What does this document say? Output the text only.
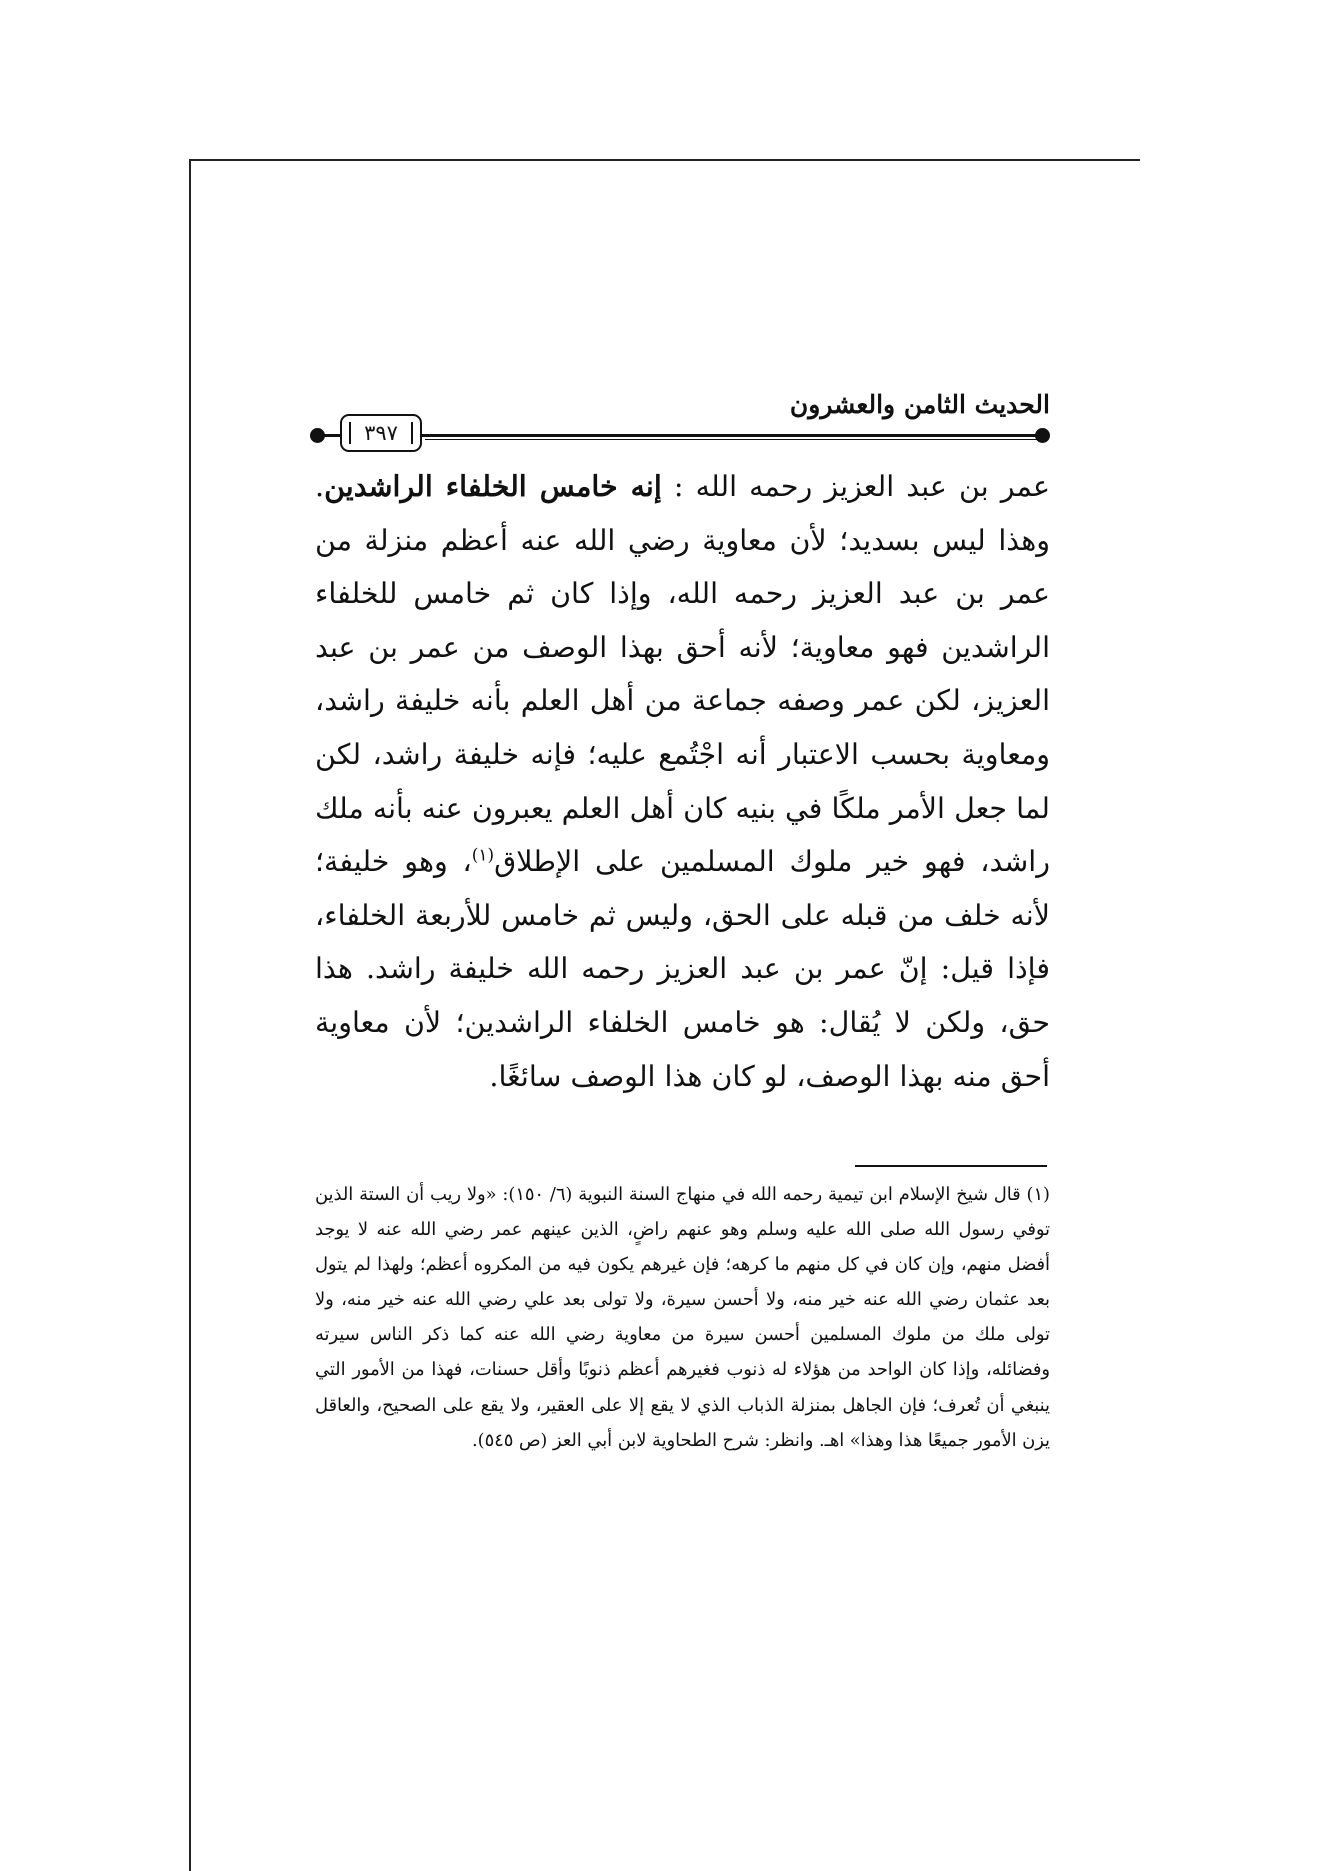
الحديث الثامن والعشرون
٣٩٧

عمر بن عبد العزيز رحمه الله : إنه خامس الخلفاء الراشدين. وهذا ليس بسديد؛ لأن معاوية رضي الله عنه أعظم منزلة من عمر بن عبد العزيز رحمه الله، وإذا كان ثم خامس للخلفاء الراشدين فهو معاوية؛ لأنه أحق بهذا الوصف من عمر بن عبد العزيز، لكن عمر وصفه جماعة من أهل العلم بأنه خليفة راشد، ومعاوية بحسب الاعتبار أنه اجْتُمع عليه؛ فإنه خليفة راشد، لكن لما جعل الأمر ملكًا في بنيه كان أهل العلم يعبرون عنه بأنه ملك راشد، فهو خير ملوك المسلمين على الإطلاق$^{(١)}$، وهو خليفة؛ لأنه خلف من قبله على الحق، وليس ثم خامس للأربعة الخلفاء، فإذا قيل: إنّ عمر بن عبد العزيز رحمه الله خليفة راشد. هذا حق، ولكن لا يُقال: هو خامس الخلفاء الراشدين؛ لأن معاوية أحق منه بهذا الوصف، لو كان هذا الوصف سائغًا.

(١) قال شيخ الإسلام ابن تيمية رحمه الله في منهاج السنة النبوية (٦/ ١٥٠): «ولا ريب أن الستة الذين توفي رسول الله صلى الله عليه وسلم وهو عنهم راضٍ، الذين عينهم عمر رضي الله عنه لا يوجد أفضل منهم، وإن كان في كل منهم ما كرهه؛ فإن غيرهم يكون فيه من المكروه أعظم؛ ولهذا لم يتول بعد عثمان رضي الله عنه خير منه، ولا أحسن سيرة، ولا تولى بعد علي رضي الله عنه خير منه، ولا تولى ملك من ملوك المسلمين أحسن سيرة من معاوية رضي الله عنه كما ذكر الناس سيرته وفضائله، وإذا كان الواحد من هؤلاء له ذنوب فغيرهم أعظم ذنوبًا وأقل حسنات، فهذا من الأمور التي ينبغي أن تُعرف؛ فإن الجاهل بمنزلة الذباب الذي لا يقع إلا على العقير، ولا يقع على الصحيح، والعاقل يزن الأمور جميعًا هذا وهذا» اهـ. وانظر: شرح الطحاوية لابن أبي العز (ص ٥٤٥).
